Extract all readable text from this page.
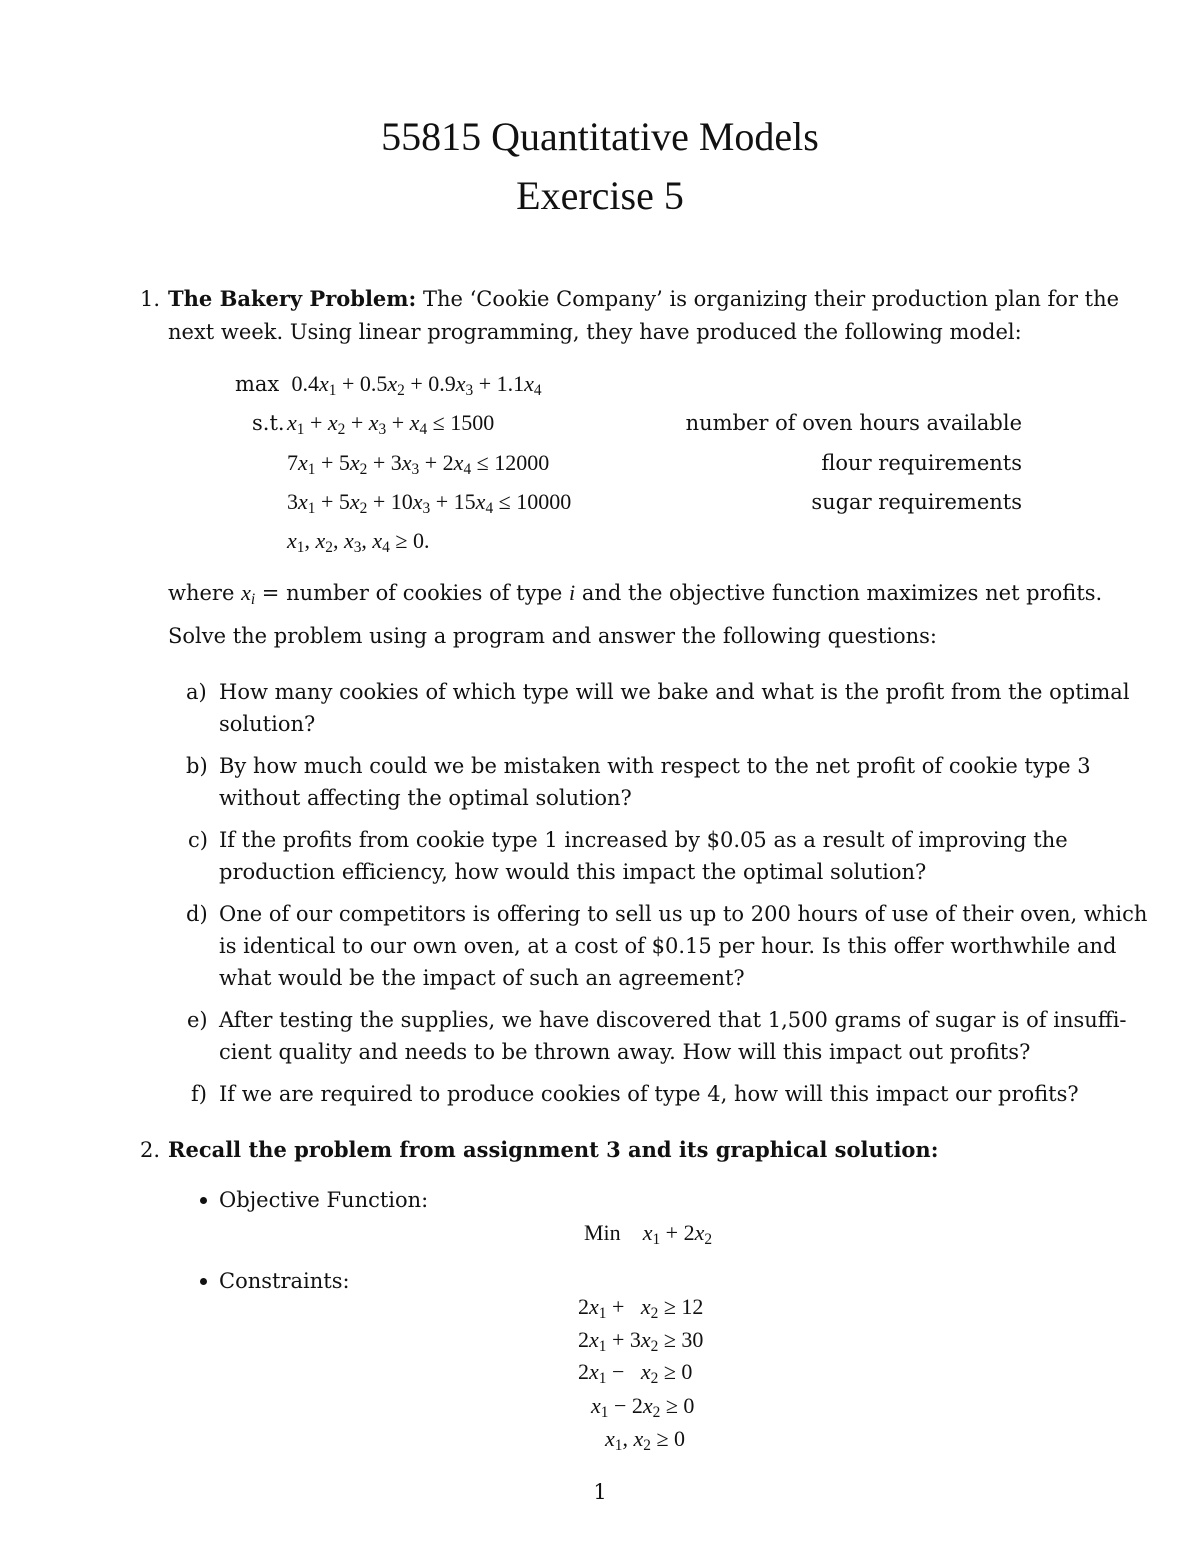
55815 Quantitative Models
Exercise 5
1. The Bakery Problem: The ‘Cookie Company’ is organizing their production plan for the
next week. Using linear programming, they have produced the following model:
$\max 0.4x_1 + 0.5x_2 + 0.9x_3 + 1.1x_4$
s.t. $x_1 + x_2 + x_3 + x_4 \le 1500$	number of oven hours available
$7x_1 + 5x_2 + 3x_3 + 2x_4 \le 12000$	flour requirements
$3x_1 + 5x_2 + 10x_3 + 15x_4 \le 10000$	sugar requirements
$x_1$, $x_2$, $x_3$, $x_4 \ge 0$.
where $x_i$ = number of cookies of type i and the objective function maximizes net profits.
Solve the problem using a program and answer the following questions:
a) How many cookies of which type will we bake and what is the profit from the optimal
solution?
b) By how much could we be mistaken with respect to the net profit of cookie type 3
without affecting the optimal solution?
c) If the profits from cookie type 1 increased by $0.05 as a result of improving the
production efficiency, how would this impact the optimal solution?
d) One of our competitors is offering to sell us up to 200 hours of use of their oven, which
is identical to our own oven, at a cost of $0.15 per hour. Is this offer worthwhile and
what would be the impact of such an agreement?
e) After testing the supplies, we have discovered that 1,500 grams of sugar is of insuffi-
cient quality and needs to be thrown away. How will this impact out profits?
f) If we are required to produce cookies of type 4, how will this impact our profits?
2. Recall the problem from assignment 3 and its graphical solution:
Objective Function:
Min $x_1 + 2x_2$
Constraints:
$2x_1 + x_2 \ge 12$
$2x_1 + 3x_2 \ge 30$
$2x_1 - x_2 \ge 0$
$x_1 - 2x_2 \ge 0$
$x_1$, $x_2 \ge 0$
1
